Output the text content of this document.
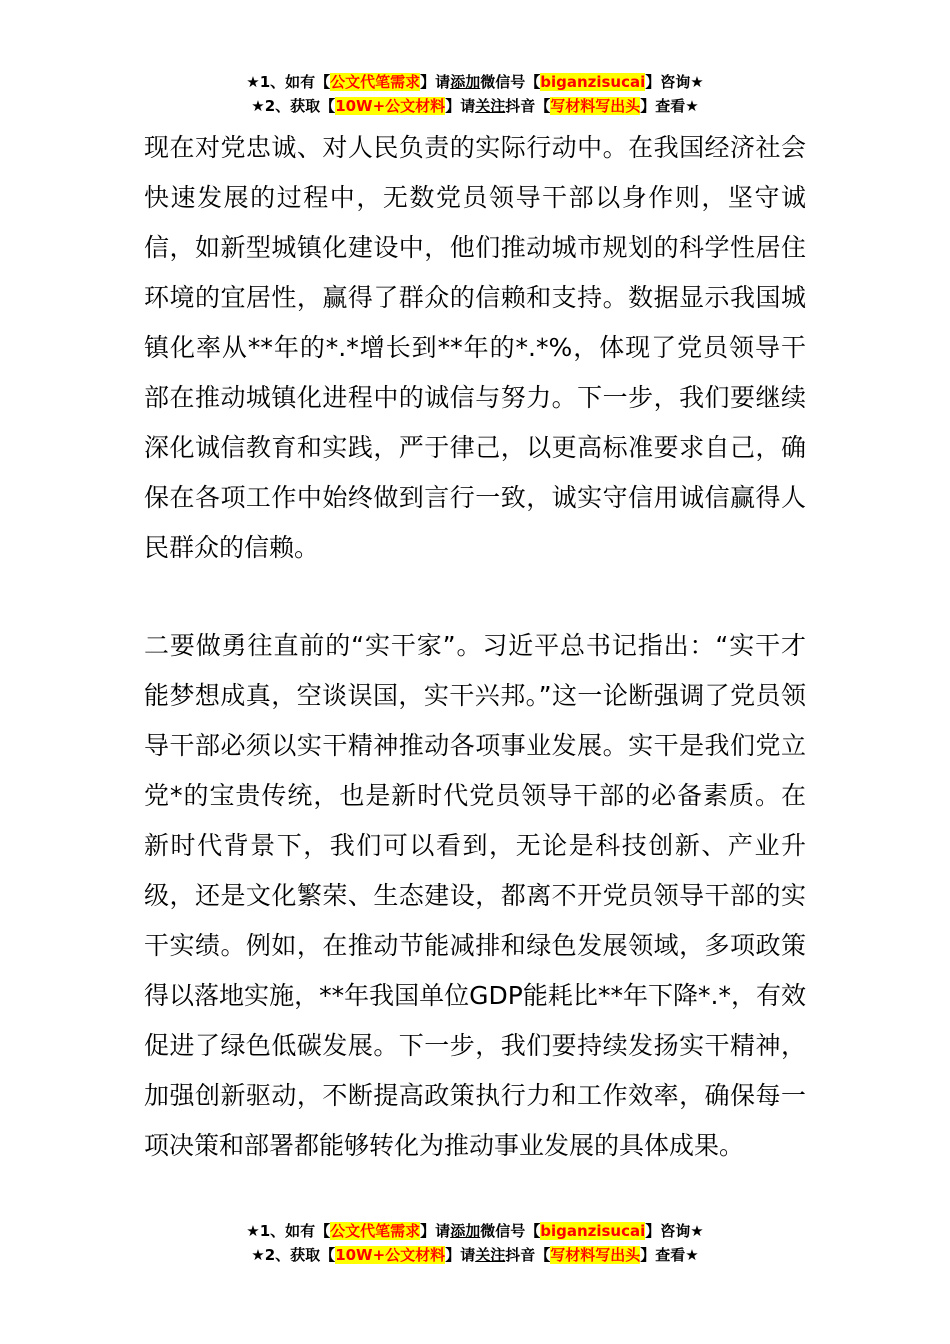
★1、如有【公文代笔需求】请添加微信号【biganzisucai】咨询★
★2、获取【10W+公文材料】请关注抖音【写材料写出头】查看★

现在对党忠诚、对人民负责的实际行动中。在我国经济社会快速发展的过程中，无数党员领导干部以身作则，坚守诚信，如新型城镇化建设中，他们推动城市规划的科学性居住环境的宜居性，赢得了群众的信赖和支持。数据显示我国城镇化率从**年的*.*增长到**年的*.*%，体现了党员领导干部在推动城镇化进程中的诚信与努力。下一步，我们要继续深化诚信教育和实践，严于律己，以更高标准要求自己，确保在各项工作中始终做到言行一致，诚实守信用诚信赢得人民群众的信赖。

二要做勇往直前的“实干家”。习近平总书记指出：“实干才能梦想成真，空谈误国，实干兴邦。”这一论断强调了党员领导干部必须以实干精神推动各项事业发展。实干是我们党立党*的宝贵传统，也是新时代党员领导干部的必备素质。在新时代背景下，我们可以看到，无论是科技创新、产业升级，还是文化繁荣、生态建设，都离不开党员领导干部的实干实绩。例如，在推动节能减排和绿色发展领域，多项政策得以落地实施，**年我国单位GDP能耗比**年下降*.*，有效促进了绿色低碳发展。下一步，我们要持续发扬实干精神，加强创新驱动，不断提高政策执行力和工作效率，确保每一项决策和部署都能够转化为推动事业发展的具体成果。

★1、如有【公文代笔需求】请添加微信号【biganzisucai】咨询★
★2、获取【10W+公文材料】请关注抖音【写材料写出头】查看★
